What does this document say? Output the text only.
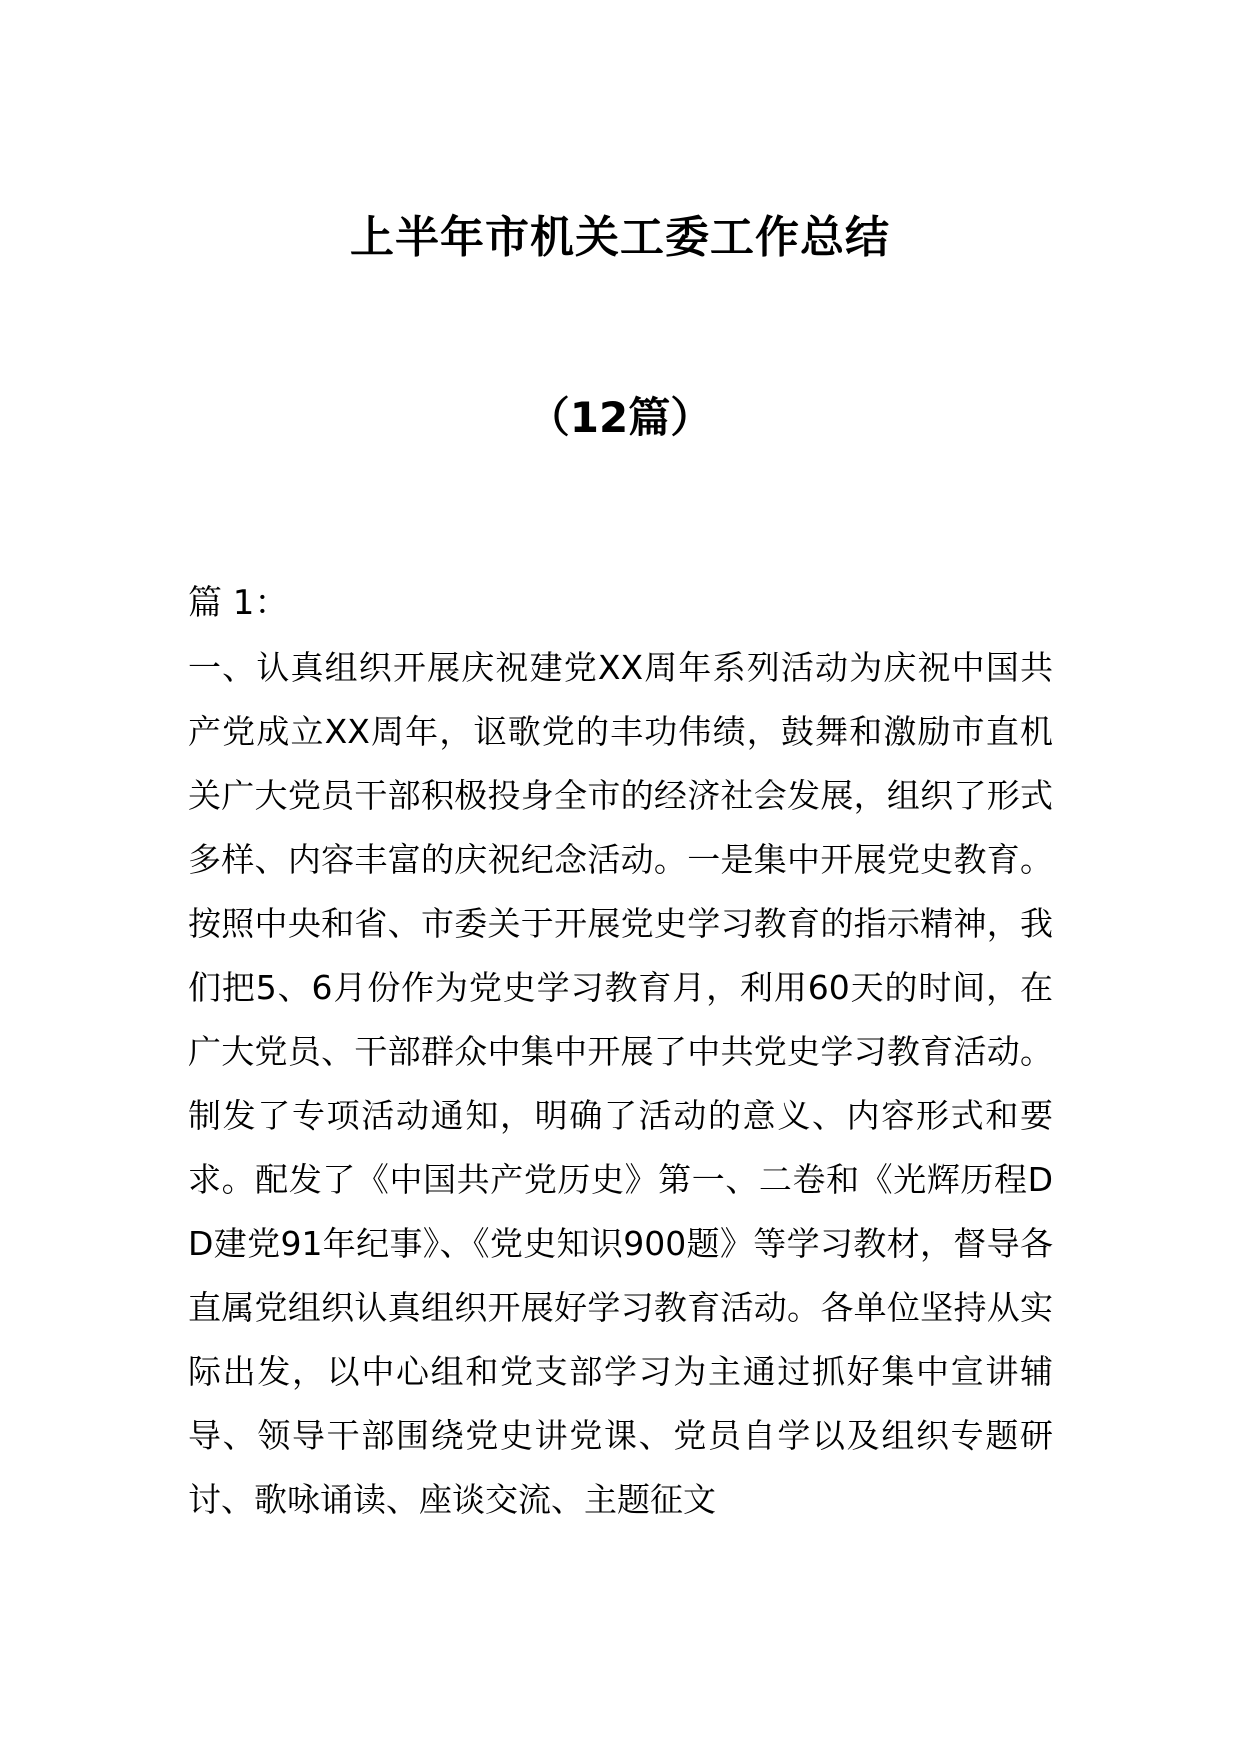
上半年市机关工委工作总结
（12篇）

篇 1：

一、认真组织开展庆祝建党XX周年系列活动为庆祝中国共产党成立XX周年，讴歌党的丰功伟绩，鼓舞和激励市直机关广大党员干部积极投身全市的经济社会发展，组织了形式多样、内容丰富的庆祝纪念活动。一是集中开展党史教育。按照中央和省、市委关于开展党史学习教育的指示精神，我们把5、6月份作为党史学习教育月，利用60天的时间，在广大党员、干部群众中集中开展了中共党史学习教育活动。制发了专项活动通知，明确了活动的意义、内容形式和要求。配发了《中国共产党历史》第一、二卷和《光辉历程DD建党91年纪事》、《党史知识900题》等学习教材，督导各直属党组织认真组织开展好学习教育活动。各单位坚持从实际出发，以中心组和党支部学习为主通过抓好集中宣讲辅导、领导干部围绕党史讲党课、党员自学以及组织专题研讨、歌咏诵读、座谈交流、主题征文
